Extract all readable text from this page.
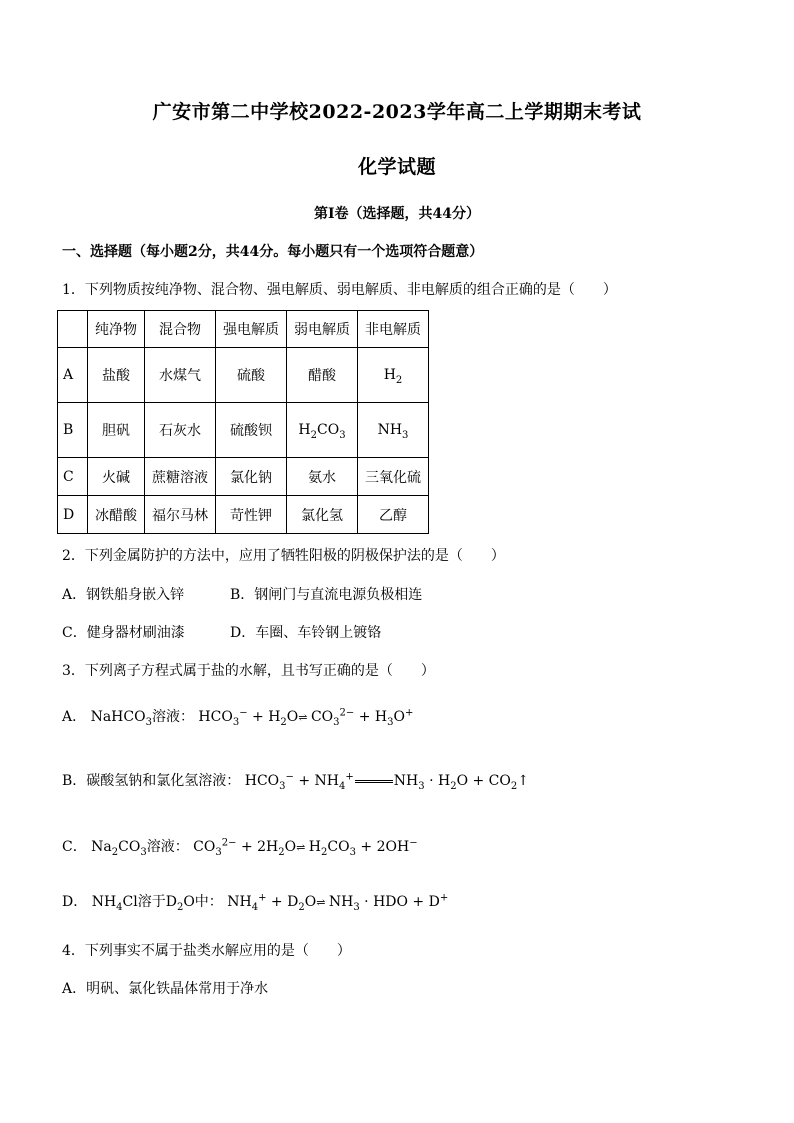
广安市第二中学校2022-2023学年高二上学期期末考试
化学试题
第Ⅰ卷（选择题，共44分）
一、选择题（每小题2分，共44分。每小题只有一个选项符合题意）
1．下列物质按纯净物、混合物、强电解质、弱电解质、非电解质的组合正确的是（　　）
	纯净物	混合物	强电解质	弱电解质	非电解质
A	盐酸	水煤气	硫酸	醋酸	$H_2$
B	胆矾	石灰水	硫酸钡	$H_2CO_3$	$NH_3$
C	火碱	蔗糖溶液	氯化钠	氨水	三氧化硫
D	冰醋酸	福尔马林	苛性钾	氯化氢	乙醇
2．下列金属防护的方法中，应用了牺牲阳极的阴极保护法的是（　　）
A．钢铁船身嵌入锌	B．钢闸门与直流电源负极相连
C．健身器材刷油漆	D．车圈、车铃钢上镀铬
3．下列离子方程式属于盐的水解，且书写正确的是（　　）
A． NaHCO$_3$溶液： $HCO_3^-$ + $H_2O\rightleftharpoons$ $CO_3^{2-} + H_3O^+$
B．碳酸氢钠和氯化氢溶液： $HCO_3^- + NH_4^+$	$NH_3 \cdot H_2O$ + $CO_2↑$
C． $Na_2CO_3$溶液： $CO_3^{2-}$ + $2H_2O\rightleftharpoons$ $H_2CO_3 + 2OH^-$
D． $NH_4Cl$溶于$D_2O$中： $NH_4^+$ + $D_2O\rightleftharpoons$ $NH_3$ · HDO + D+
4．下列事实不属于盐类水解应用的是（　　）
A．明矾、氯化铁晶体常用于净水
